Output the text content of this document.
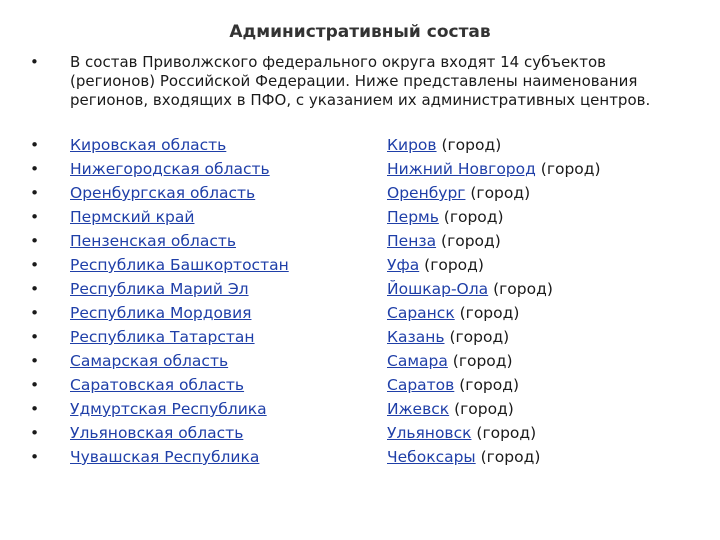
Административный состав
• В состав Приволжского федерального округа входят 14 субъектов (регионов) Российской Федерации. Ниже представлены наименования регионов, входящих в ПФО, с указанием их административных центров.
• Кировская область	Киров (город)
• Нижегородская область	Нижний Новгород (город)
• Оренбургская область	Оренбург (город)
• Пермский край	Пермь (город)
• Пензенская область	Пенза (город)
• Республика Башкортостан	Уфа (город)
• Республика Марий Эл	Йошкар-Ола (город)
• Республика Мордовия	Саранск (город)
• Республика Татарстан	Казань (город)
• Самарская область	Самара (город)
• Саратовская область	Саратов (город)
• Удмуртская Республика	Ижевск (город)
• Ульяновская область	Ульяновск (город)
• Чувашская Республика	Чебоксары (город)
